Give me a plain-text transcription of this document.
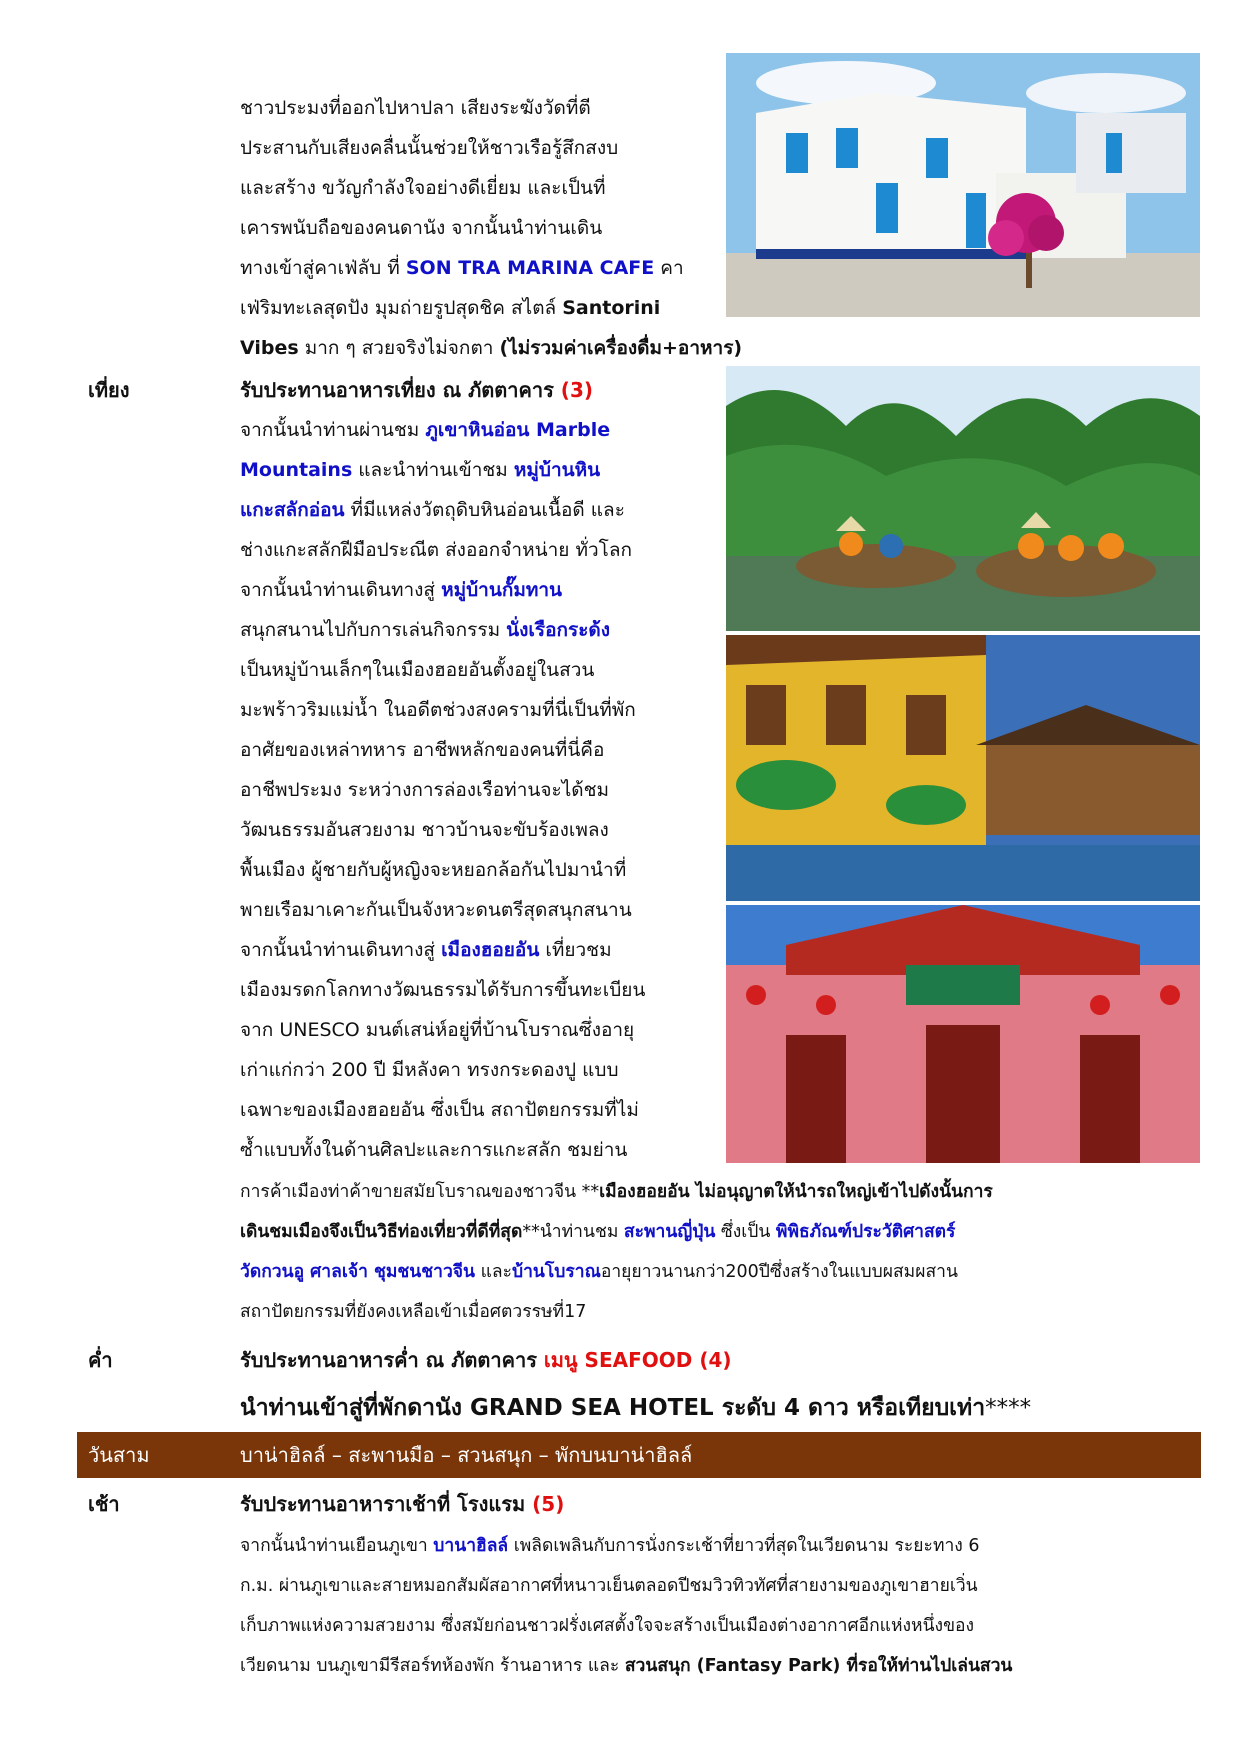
ชาวประมงที่ออกไปหาปลา เสียงระฆังวัดที่ตี
ประสานกับเสียงคลื่นนั้นช่วยให้ชาวเรือรู้สึกสงบ
และสร้าง ขวัญกำลังใจอย่างดีเยี่ยม และเป็นที่
เคารพนับถือของคนดานัง จากนั้นนำท่านเดิน
ทางเข้าสู่คาเฟ่ลับ ที่ SON TRA MARINA CAFE คา
เฟ่ริมทะเลสุดปัง มุมถ่ายรูปสุดชิค สไตล์ Santorini
Vibes มาก ๆ สวยจริงไม่จกตา (ไม่รวมค่าเครื่องดื่ม+อาหาร)
เที่ยง	รับประทานอาหารเที่ยง ณ ภัตตาคาร (3)
จากนั้นนำท่านผ่านชม ภูเขาหินอ่อน Marble
Mountains และนำท่านเข้าชม หมู่บ้านหิน
แกะสลักอ่อน ที่มีแหล่งวัตถุดิบหินอ่อนเนื้อดี และ
ช่างแกะสลักฝีมือประณีต ส่งออกจำหน่าย ทั่วโลก
จากนั้นนำท่านเดินทางสู่ หมู่บ้านกั๊มทาน
สนุกสนานไปกับการเล่นกิจกรรม นั่งเรือกระด้ง
เป็นหมู่บ้านเล็กๆในเมืองฮอยอันตั้งอยู่ในสวน
มะพร้าวริมแม่น้ำ ในอดีตช่วงสงครามที่นี่เป็นที่พัก
อาศัยของเหล่าทหาร อาชีพหลักของคนที่นี่คือ
อาชีพประมง ระหว่างการล่องเรือท่านจะได้ชม
วัฒนธรรมอันสวยงาม ชาวบ้านจะขับร้องเพลง
พื้นเมือง ผู้ชายกับผู้หญิงจะหยอกล้อกันไปมานำที่
พายเรือมาเคาะกันเป็นจังหวะดนตรีสุดสนุกสนาน
จากนั้นนำท่านเดินทางสู่ เมืองฮอยอัน เที่ยวชม
เมืองมรดกโลกทางวัฒนธรรมได้รับการขึ้นทะเบียน
จาก UNESCO มนต์เสน่ห์อยู่ที่บ้านโบราณซึ่งอายุ
เก่าแก่กว่า 200 ปี มีหลังคา ทรงกระดองปู แบบ
เฉพาะของเมืองฮอยอัน ซึ่งเป็น สถาปัตยกรรมที่ไม่
ซ้ำแบบทั้งในด้านศิลปะและการแกะสลัก ชมย่าน
การค้าเมืองท่าค้าขายสมัยโบราณของชาวจีน **เมืองฮอยอัน ไม่อนุญาตให้นำรถใหญ่เข้าไปดังนั้นการ
เดินชมเมืองจึงเป็นวิธีท่องเที่ยวที่ดีที่สุด**นำท่านชม สะพานญี่ปุ่น ซึ่งเป็น พิพิธภัณฑ์ประวัติศาสตร์
วัดกวนอู ศาลเจ้า ชุมชนชาวจีน และบ้านโบราณอายุยาวนานกว่า200ปีซึ่งสร้างในแบบผสมผสาน
สถาปัตยกรรมที่ยังคงเหลือเข้าเมื่อศตวรรษที่17
ค่ำ	รับประทานอาหารค่ำ ณ ภัตตาคาร เมนู SEAFOOD (4)
นำท่านเข้าสู่ที่พักดานัง GRAND SEA HOTEL ระดับ 4 ดาว หรือเทียบเท่า****
วันสาม	บาน่าฮิลล์ – สะพานมือ – สวนสนุก – พักบนบาน่าฮิลล์
เช้า	รับประทานอาหาราเช้าที่ โรงแรม (5)
จากนั้นนำท่านเยือนภูเขา บานาฮิลล์ เพลิดเพลินกับการนั่งกระเช้าที่ยาวที่สุดในเวียดนาม ระยะทาง 6
ก.ม. ผ่านภูเขาและสายหมอกสัมผัสอากาศที่หนาวเย็นตลอดปีชมวิวทิวทัศที่สายงามของภูเขาฮายเวิ่น
เก็บภาพแห่งความสวยงาม ซึ่งสมัยก่อนชาวฝรั่งเศสตั้งใจจะสร้างเป็นเมืองต่างอากาศอีกแห่งหนึ่งของ
เวียดนาม บนภูเขามีรีสอร์ทห้องพัก ร้านอาหาร และ สวนสนุก (Fantasy Park) ที่รอให้ท่านไปเล่นสวน
